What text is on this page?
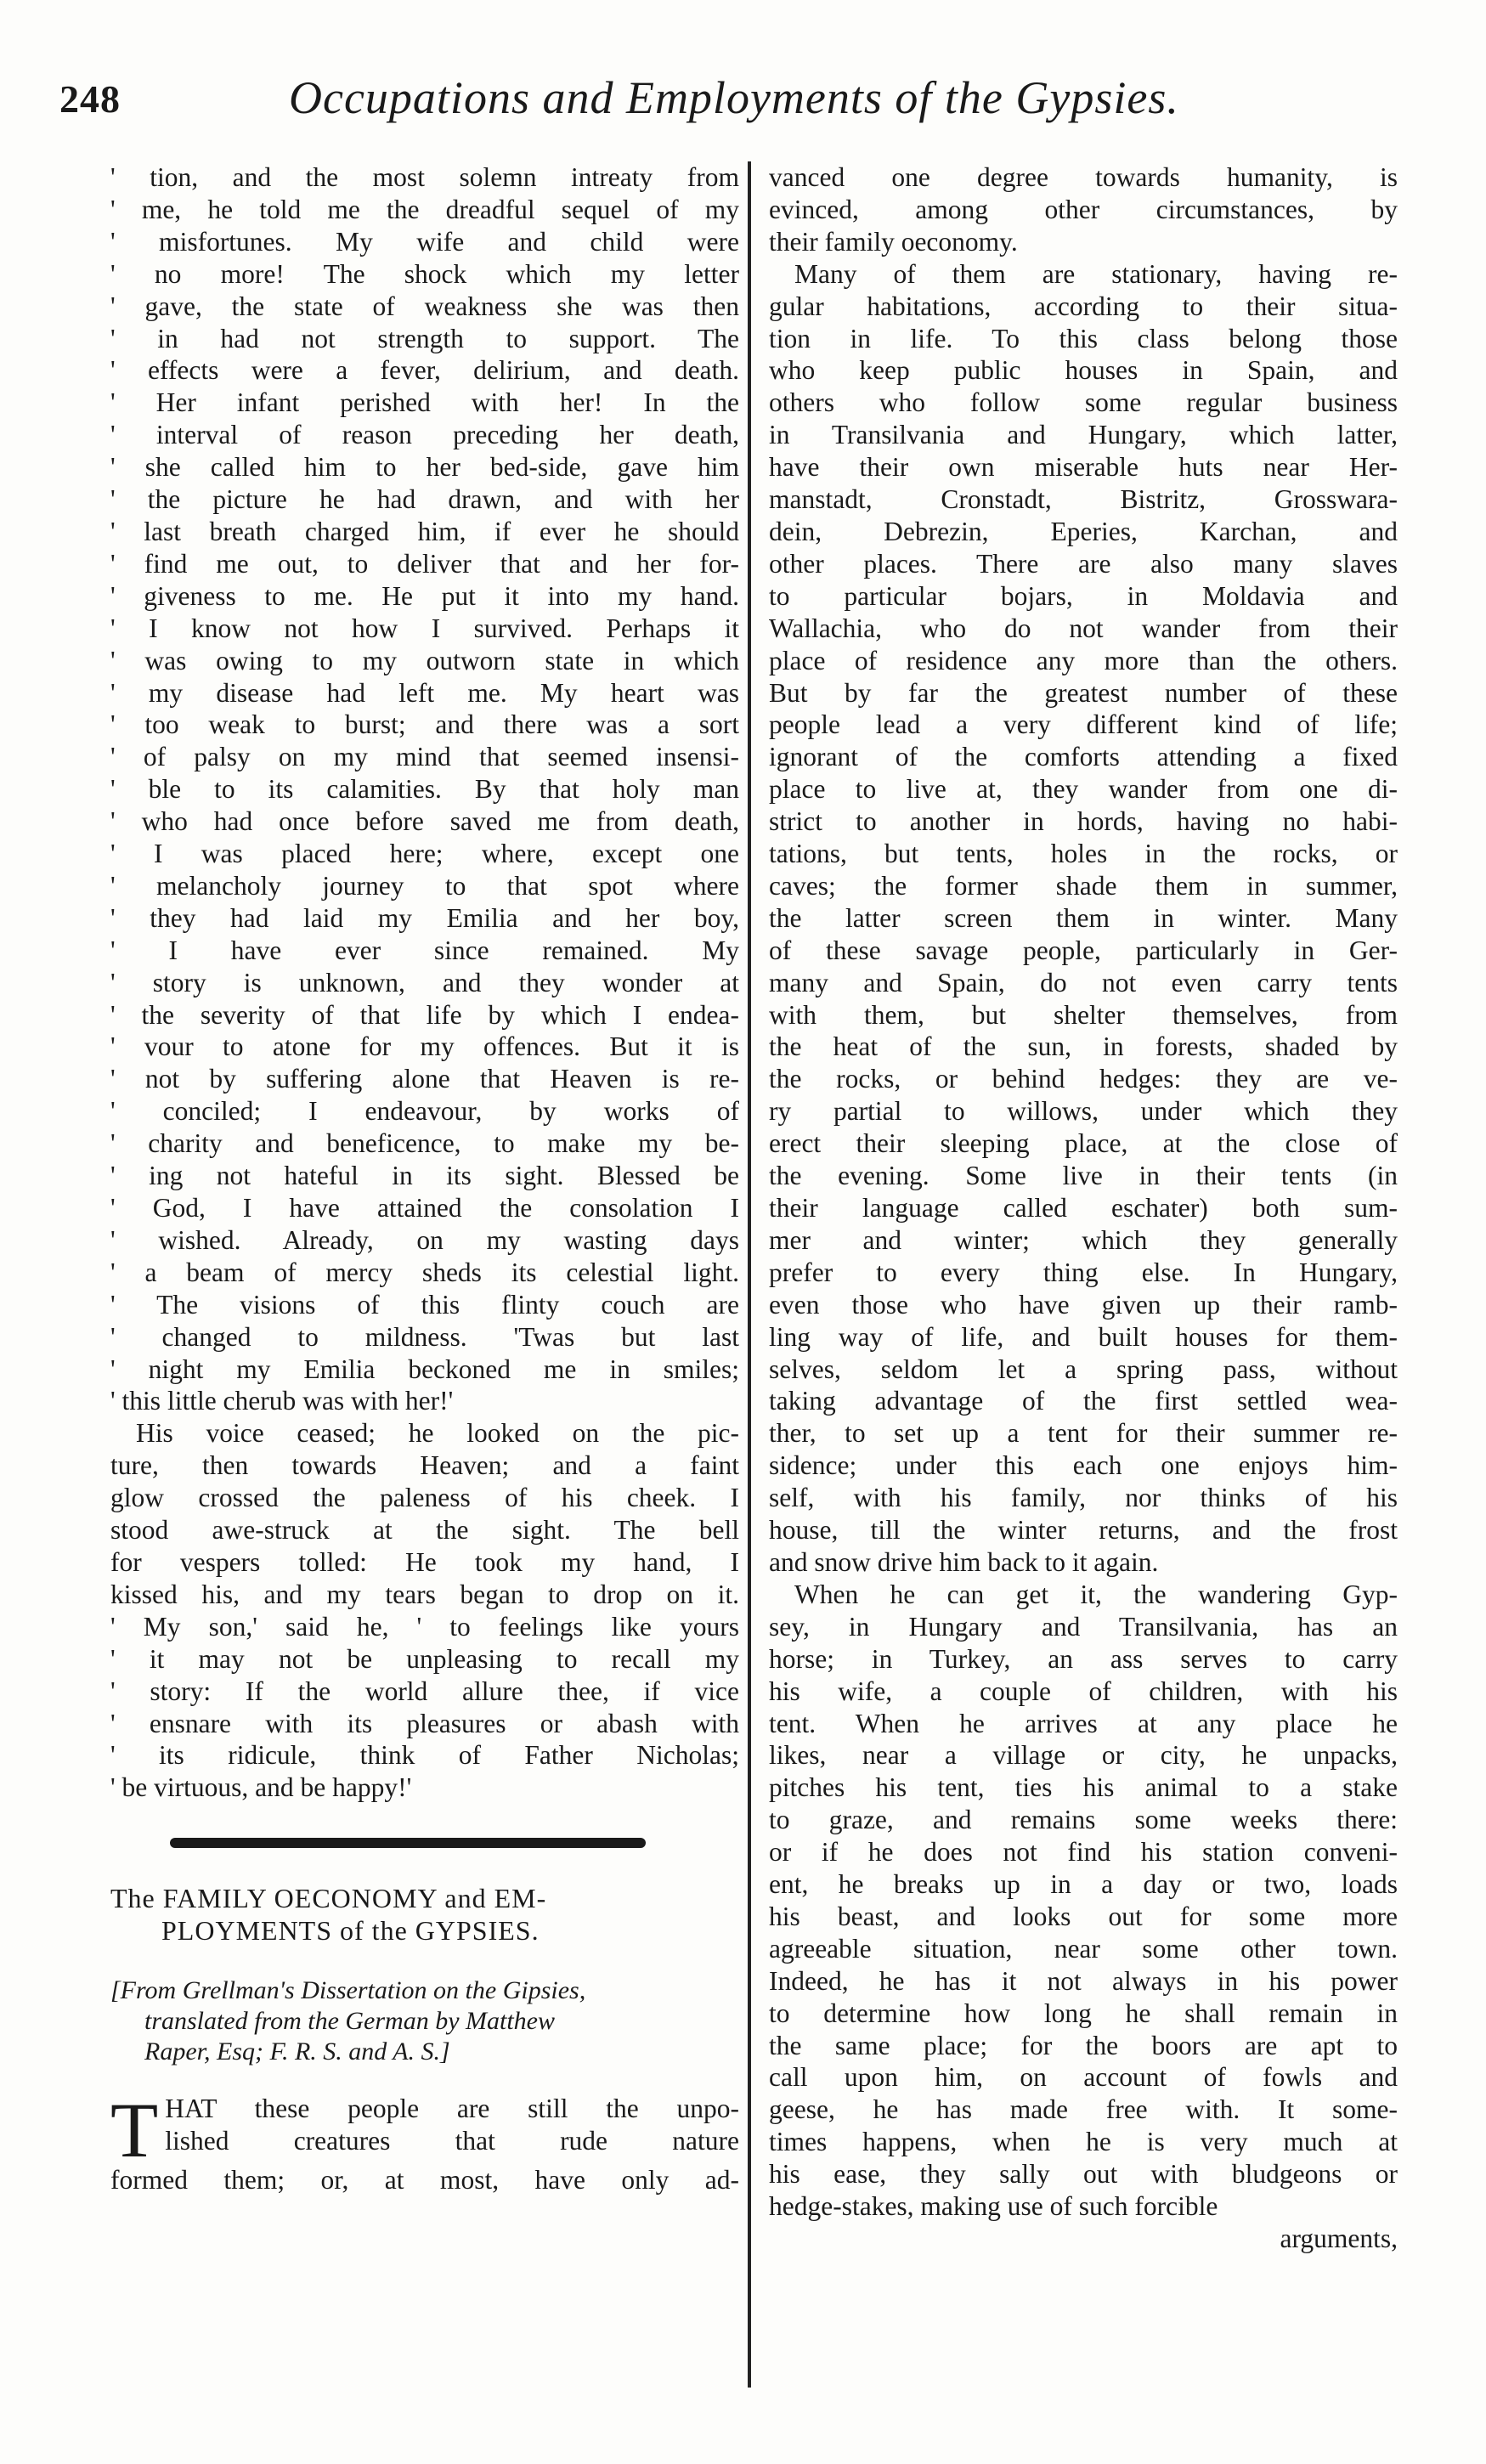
248	Occupations and Employments of the Gypsies.
' tion, and the most solemn intreaty from
' me, he told me the dreadful sequel of my
' misfortunes. My wife and child were
' no more! The shock which my letter
' gave, the state of weakness she was then
' in had not strength to support. The
' effects were a fever, delirium, and death.
' Her infant perished with her! In the
' interval of reason preceding her death,
' she called him to her bed-side, gave him
' the picture he had drawn, and with her
' last breath charged him, if ever he should
' find me out, to deliver that and her for-
' giveness to me. He put it into my hand.
' I know not how I survived. Perhaps it
' was owing to my outworn state in which
' my disease had left me. My heart was
' too weak to burst; and there was a sort
' of palsy on my mind that seemed insensi-
' ble to its calamities. By that holy man
' who had once before saved me from death,
' I was placed here; where, except one
' melancholy journey to that spot where
' they had laid my Emilia and her boy,
' I have ever since remained. My
' story is unknown, and they wonder at
' the severity of that life by which I endea-
' vour to atone for my offences. But it is
' not by suffering alone that Heaven is re-
' conciled; I endeavour, by works of
' charity and beneficence, to make my be-
' ing not hateful in its sight. Blessed be
' God, I have attained the consolation I
' wished. Already, on my wasting days
' a beam of mercy sheds its celestial light.
' The visions of this flinty couch are
' changed to mildness. 'Twas but last
' night my Emilia beckoned me in smiles;
' this little cherub was with her!'
His voice ceased; he looked on the pic-
ture, then towards Heaven; and a faint
glow crossed the paleness of his cheek. I
stood awe-struck at the sight. The bell
for vespers tolled: He took my hand, I
kissed his, and my tears began to drop on it.
' My son,' said he, ' to feelings like yours
' it may not be unpleasing to recall my
' story: If the world allure thee, if vice
' ensnare with its pleasures or abash with
' its ridicule, think of Father Nicholas;
' be virtuous, and be happy!'
The FAMILY OECONOMY and EM-
PLOYMENTS of the GYPSIES.
[From Grellman's Dissertation on the Gipsies,
translated from the German by Matthew
Raper, Esq; F. R. S. and A. S.]
T HAT these people are still the unpo-
lished creatures that rude nature
formed them; or, at most, have only ad-
vanced one degree towards humanity, is
evinced, among other circumstances, by
their family oeconomy.
Many of them are stationary, having re-
gular habitations, according to their situa-
tion in life. To this class belong those
who keep public houses in Spain, and
others who follow some regular business
in Transilvania and Hungary, which latter,
have their own miserable huts near Her-
manstadt, Cronstadt, Bistritz, Grosswara-
dein, Debrezin, Eperies, Karchan, and
other places. There are also many slaves
to particular bojars, in Moldavia and
Wallachia, who do not wander from their
place of residence any more than the others.
But by far the greatest number of these
people lead a very different kind of life;
ignorant of the comforts attending a fixed
place to live at, they wander from one di-
strict to another in hords, having no habi-
tations, but tents, holes in the rocks, or
caves; the former shade them in summer,
the latter screen them in winter. Many
of these savage people, particularly in Ger-
many and Spain, do not even carry tents
with them, but shelter themselves, from
the heat of the sun, in forests, shaded by
the rocks, or behind hedges: they are ve-
ry partial to willows, under which they
erect their sleeping place, at the close of
the evening. Some live in their tents (in
their language called eschater) both sum-
mer and winter; which they generally
prefer to every thing else. In Hungary,
even those who have given up their ramb-
ling way of life, and built houses for them-
selves, seldom let a spring pass, without
taking advantage of the first settled wea-
ther, to set up a tent for their summer re-
sidence; under this each one enjoys him-
self, with his family, nor thinks of his
house, till the winter returns, and the frost
and snow drive him back to it again.
When he can get it, the wandering Gyp-
sey, in Hungary and Transilvania, has an
horse; in Turkey, an ass serves to carry
his wife, a couple of children, with his
tent. When he arrives at any place he
likes, near a village or city, he unpacks,
pitches his tent, ties his animal to a stake
to graze, and remains some weeks there:
or if he does not find his station conveni-
ent, he breaks up in a day or two, loads
his beast, and looks out for some more
agreeable situation, near some other town.
Indeed, he has it not always in his power
to determine how long he shall remain in
the same place; for the boors are apt to
call upon him, on account of fowls and
geese, he has made free with. It some-
times happens, when he is very much at
his ease, they sally out with bludgeons or
hedge-stakes, making use of such forcible
arguments,
